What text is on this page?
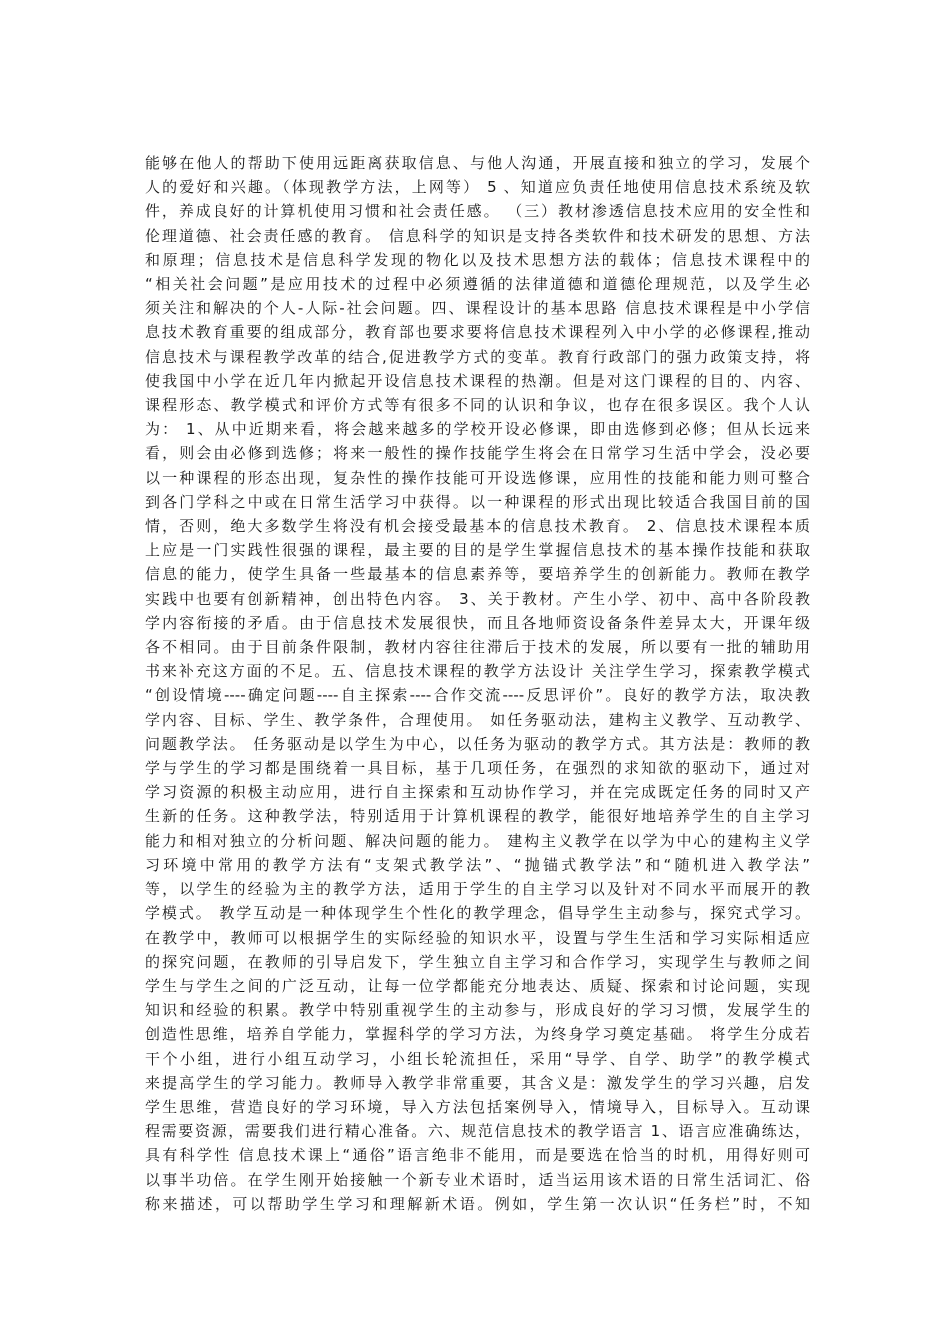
能够在他人的帮助下使用远距离获取信息、与他人沟通，开展直接和独立的学习，发展个
人的爱好和兴趣。（体现教学方法，上网等） 5 、知道应负责任地使用信息技术系统及软
件，养成良好的计算机使用习惯和社会责任感。 （三）教材渗透信息技术应用的安全性和
伦理道德、社会责任感的教育。 信息科学的知识是支持各类软件和技术研发的思想、方法
和原理；信息技术是信息科学发现的物化以及技术思想方法的载体；信息技术课程中的
“相关社会问题”是应用技术的过程中必须遵循的法律道德和道德伦理规范，以及学生必
须关注和解决的个人-人际-社会问题。四、课程设计的基本思路 信息技术课程是中小学信
息技术教育重要的组成部分，教育部也要求要将信息技术课程列入中小学的必修课程,推动
信息技术与课程教学改革的结合,促进教学方式的变革。教育行政部门的强力政策支持，将
使我国中小学在近几年内掀起开设信息技术课程的热潮。但是对这门课程的目的、内容、
课程形态、教学模式和评价方式等有很多不同的认识和争议，也存在很多误区。我个人认
为： 1、从中近期来看，将会越来越多的学校开设必修课，即由选修到必修；但从长远来
看，则会由必修到选修；将来一般性的操作技能学生将会在日常学习生活中学会，没必要
以一种课程的形态出现，复杂性的操作技能可开设选修课，应用性的技能和能力则可整合
到各门学科之中或在日常生活学习中获得。以一种课程的形式出现比较适合我国目前的国
情，否则，绝大多数学生将没有机会接受最基本的信息技术教育。 2、信息技术课程本质
上应是一门实践性很强的课程，最主要的目的是学生掌握信息技术的基本操作技能和获取
信息的能力，使学生具备一些最基本的信息素养等，要培养学生的创新能力。教师在教学
实践中也要有创新精神，创出特色内容。 3、关于教材。产生小学、初中、高中各阶段教
学内容衔接的矛盾。由于信息技术发展很快，而且各地师资设备条件差异太大，开课年级
各不相同。由于目前条件限制，教材内容往往滞后于技术的发展，所以要有一批的辅助用
书来补充这方面的不足。五、信息技术课程的教学方法设计 关注学生学习，探索教学模式
“创设情境----确定问题----自主探索----合作交流----反思评价”。良好的教学方法，取决教
学内容、目标、学生、教学条件，合理使用。 如任务驱动法，建构主义教学、互动教学、
问题教学法。 任务驱动是以学生为中心，以任务为驱动的教学方式。其方法是：教师的教
学与学生的学习都是围绕着一具目标，基于几项任务，在强烈的求知欲的驱动下，通过对
学习资源的积极主动应用，进行自主探索和互动协作学习，并在完成既定任务的同时又产
生新的任务。这种教学法，特别适用于计算机课程的教学，能很好地培养学生的自主学习
能力和相对独立的分析问题、解决问题的能力。 建构主义教学在以学为中心的建构主义学
习环境中常用的教学方法有“支架式教学法”、“抛锚式教学法”和“随机进入教学法”
等，以学生的经验为主的教学方法，适用于学生的自主学习以及针对不同水平而展开的教
学模式。 教学互动是一种体现学生个性化的教学理念，倡导学生主动参与，探究式学习。
在教学中，教师可以根据学生的实际经验的知识水平，设置与学生生活和学习实际相适应
的探究问题，在教师的引导启发下，学生独立自主学习和合作学习，实现学生与教师之间
学生与学生之间的广泛互动，让每一位学都能充分地表达、质疑、探索和讨论问题，实现
知识和经验的积累。教学中特别重视学生的主动参与，形成良好的学习习惯，发展学生的
创造性思维，培养自学能力，掌握科学的学习方法，为终身学习奠定基础。 将学生分成若
干个小组，进行小组互动学习，小组长轮流担任，采用“导学、自学、助学”的教学模式
来提高学生的学习能力。教师导入教学非常重要，其含义是：激发学生的学习兴趣，启发
学生思维，营造良好的学习环境，导入方法包括案例导入，情境导入，目标导入。互动课
程需要资源，需要我们进行精心准备。六、规范信息技术的教学语言 1、语言应准确练达，
具有科学性 信息技术课上“通俗”语言绝非不能用，而是要选在恰当的时机，用得好则可
以事半功倍。在学生刚开始接触一个新专业术语时，适当运用该术语的日常生活词汇、俗
称来描述，可以帮助学生学习和理解新术语。例如，学生第一次认识“任务栏”时，不知
